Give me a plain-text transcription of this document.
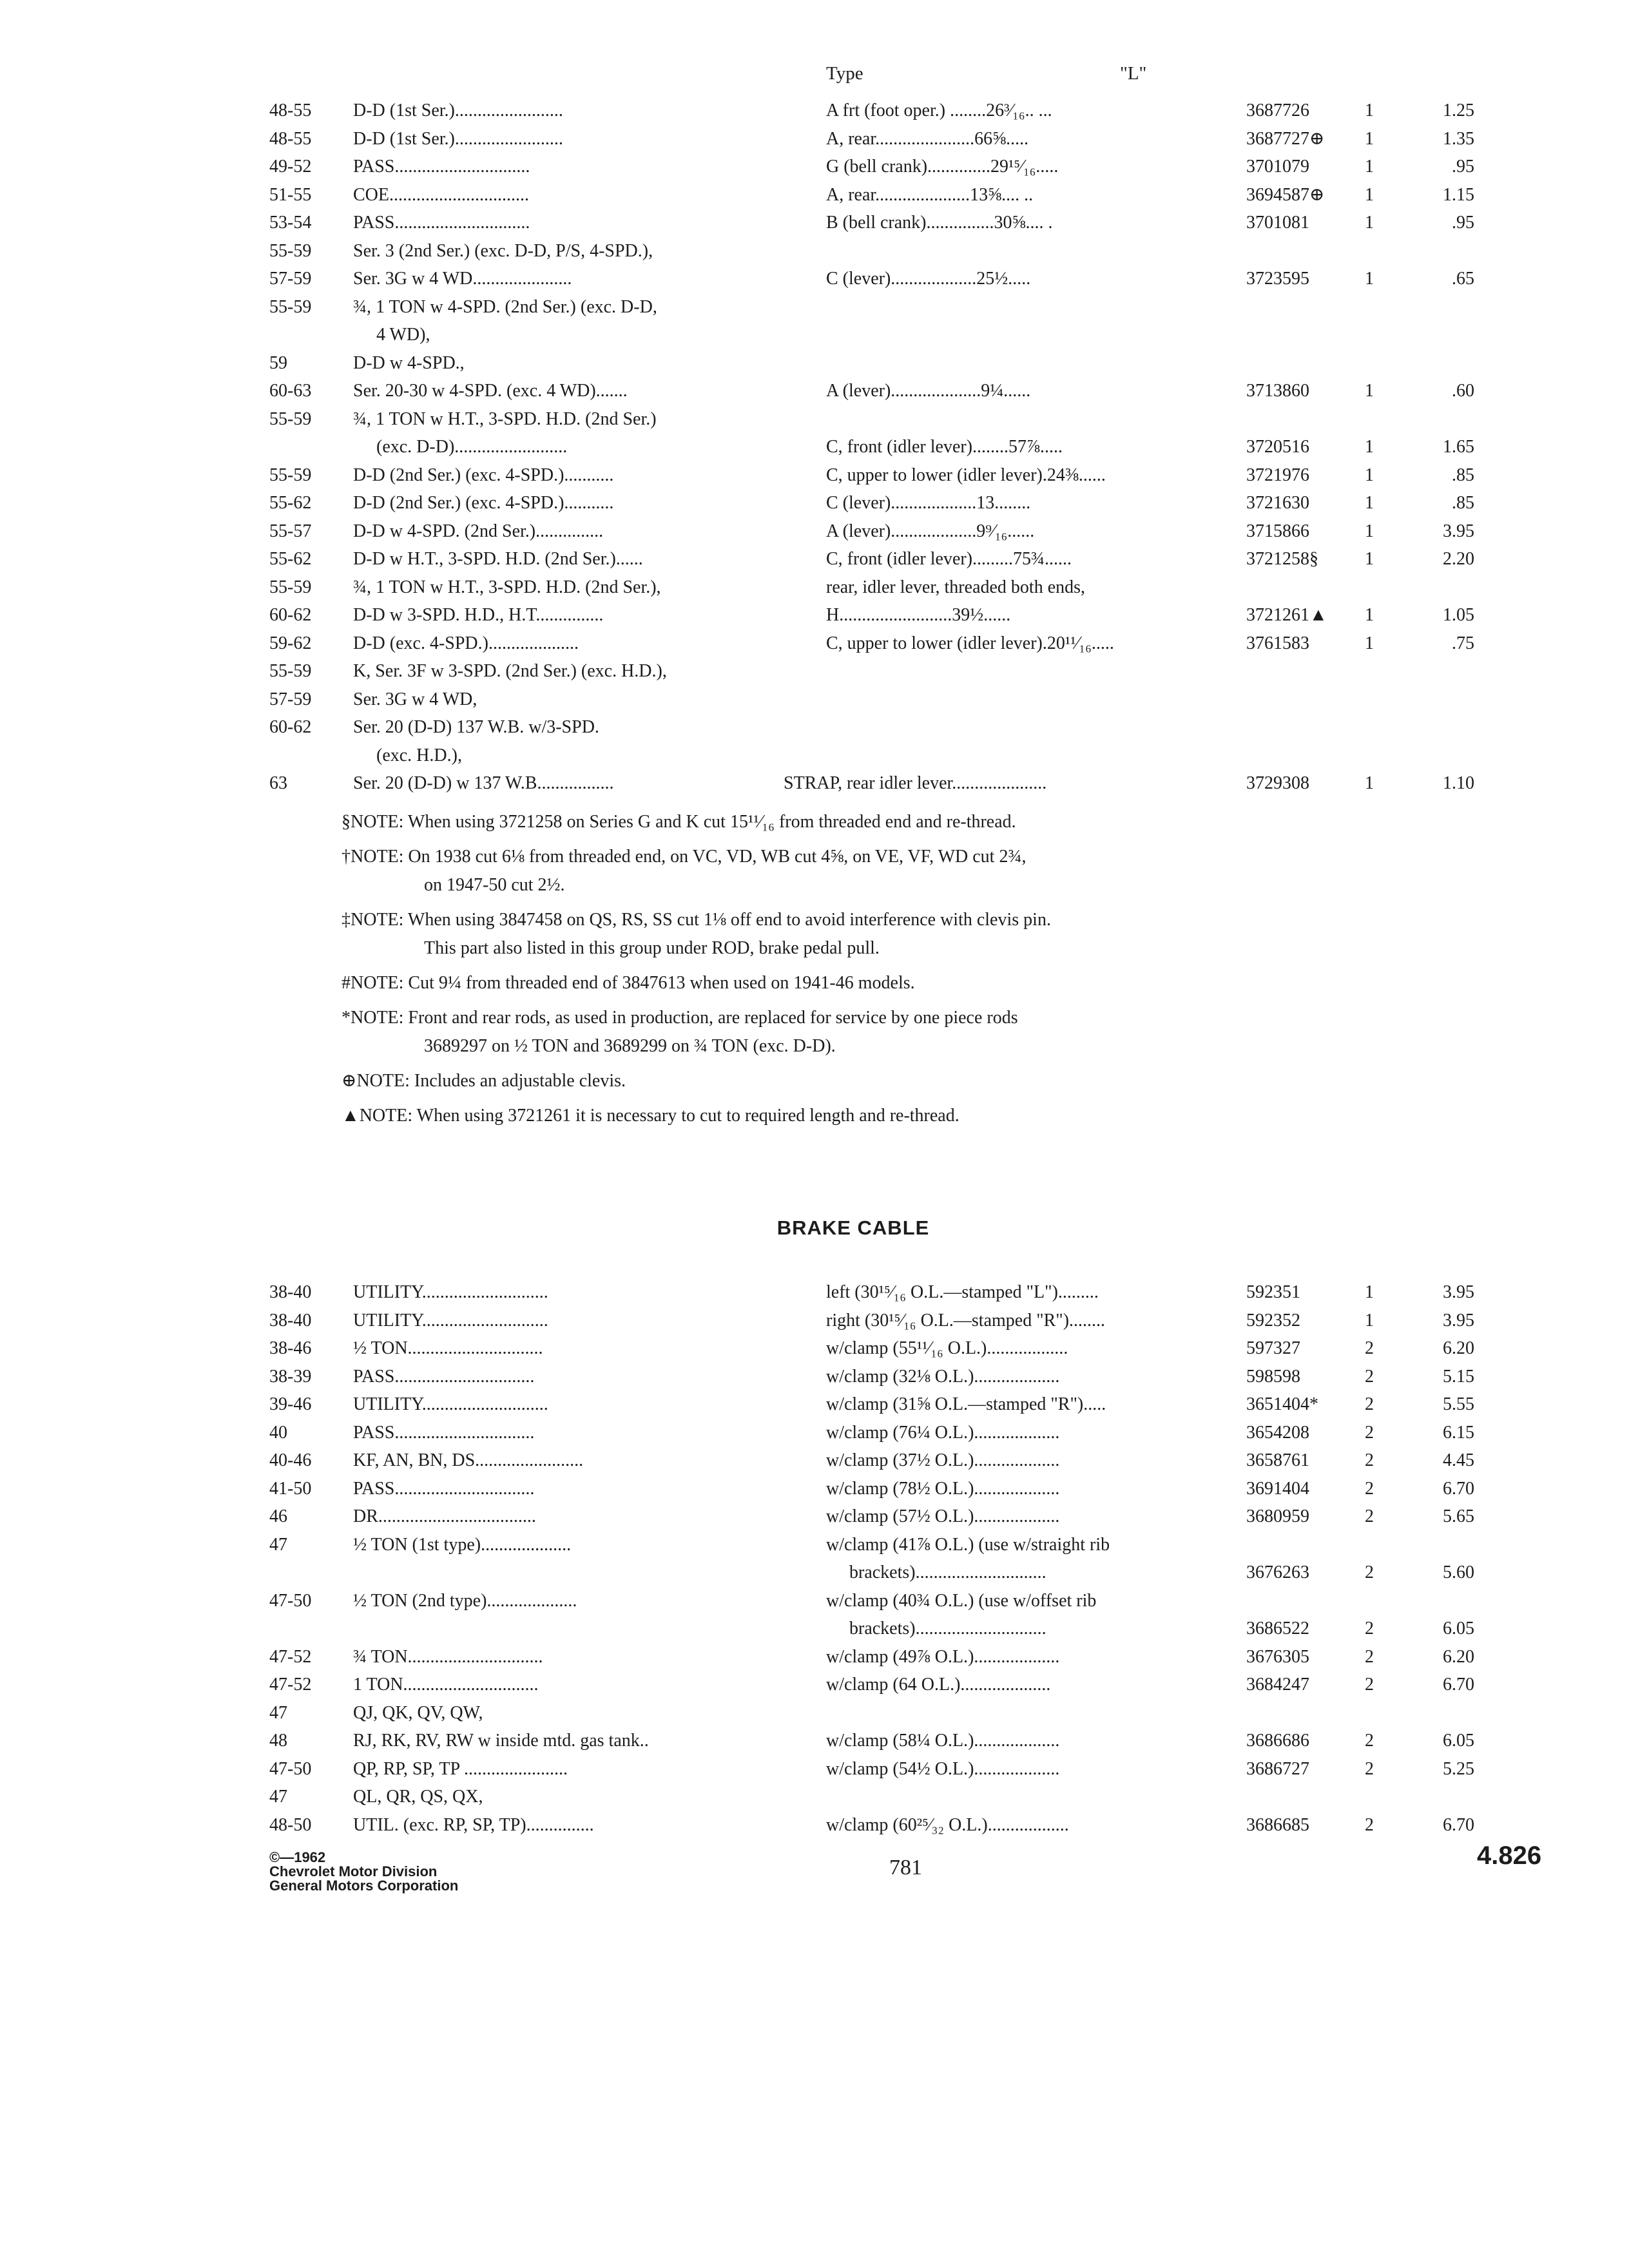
Type	"L"
48-55 D-D (1st Ser.)........................	A frt (foot oper.) ........26³⁄₁₆.. ...	3687726	1	1.25
48-55 D-D (1st Ser.)........................	A, rear......................66⅝.....	3687727⊕ 1	1.35
49-52 PASS..............................	G (bell crank)..............29¹⁵⁄₁₆.....	3701079	1	.95
51-55 COE...............................	A, rear.....................13⅝.... ..	3694587⊕ 1	1.15
53-54 PASS..............................	B (bell crank)...............30⅝.... .	3701081	1	.95
55-59 Ser. 3 (2nd Ser.) (exc. D-D, P/S, 4-SPD.),
57-59 Ser. 3G w 4 WD......................	C (lever)...................25½.....	3723595	1	.65
55-59 ¾, 1 TON w 4-SPD. (2nd Ser.) (exc. D-D,
4 WD),
59	D-D w 4-SPD.,
60-63 Ser. 20-30 w 4-SPD. (exc. 4 WD).......	A (lever)....................9¼......	3713860	1	.60
55-59 ¾, 1 TON w H.T., 3-SPD. H.D. (2nd Ser.)
(exc. D-D).........................	C, front (idler lever)........57⅞.....	3720516	1	1.65
55-59 D-D (2nd Ser.) (exc. 4-SPD.)...........	C, upper to lower (idler lever).24⅜......	3721976	1	.85
55-62 D-D (2nd Ser.) (exc. 4-SPD.)...........	C (lever)...................13........	3721630	1	.85
55-57 D-D w 4-SPD. (2nd Ser.)...............	A (lever)...................9⁹⁄₁₆......	3715866	1	3.95
55-62 D-D w H.T., 3-SPD. H.D. (2nd Ser.)......	C, front (idler lever).........75¾......	3721258§	1	2.20
55-59 ¾, 1 TON w H.T., 3-SPD. H.D. (2nd Ser.),	rear, idler lever, threaded both ends,
60-62 D-D w 3-SPD. H.D., H.T...............	H.........................39½......	3721261▲ 1	1.05
59-62 D-D (exc. 4-SPD.)....................	C, upper to lower (idler lever).20¹¹⁄₁₆.....	3761583	1	.75
55-59 K, Ser. 3F w 3-SPD. (2nd Ser.) (exc. H.D.),
57-59 Ser. 3G w 4 WD,
60-62 Ser. 20 (D-D) 137 W.B. w/3-SPD.
(exc. H.D.),
63	Ser. 20 (D-D) w 137 W.B.................	STRAP, rear idler lever.....................	3729308	1	1.10
§NOTE: When using 3721258 on Series G and K cut 15¹¹⁄₁₆ from threaded end and re-thread.
†NOTE: On 1938 cut 6⅛ from threaded end, on VC, VD, WB cut 4⅝, on VE, VF, WD cut 2¾,
on 1947-50 cut 2½.
‡NOTE: When using 3847458 on QS, RS, SS cut 1⅛ off end to avoid interference with clevis pin.
This part also listed in this group under ROD, brake pedal pull.
#NOTE: Cut 9¼ from threaded end of 3847613 when used on 1941-46 models.
*NOTE: Front and rear rods, as used in production, are replaced for service by one piece rods
3689297 on ½ TON and 3689299 on ¾ TON (exc. D-D).
⊕NOTE: Includes an adjustable clevis.
▲NOTE: When using 3721261 it is necessary to cut to required length and re-thread.
BRAKE CABLE
38-40 UTILITY............................	left (30¹⁵⁄₁₆ O.L.—stamped "L").........	592351	1	3.95
38-40 UTILITY............................	right (30¹⁵⁄₁₆ O.L.—stamped "R")........	592352	1	3.95
38-46 ½ TON..............................	w/clamp (55¹¹⁄₁₆ O.L.)..................	597327	2	6.20
38-39 PASS...............................	w/clamp (32⅛ O.L.)...................	598598	2	5.15
39-46 UTILITY............................	w/clamp (31⅝ O.L.—stamped "R").....	3651404*	2	5.55
40	PASS...............................	w/clamp (76¼ O.L.)...................	3654208	2	6.15
40-46 KF, AN, BN, DS........................	w/clamp (37½ O.L.)...................	3658761	2	4.45
41-50 PASS...............................	w/clamp (78½ O.L.)...................	3691404	2	6.70
46	DR...................................	w/clamp (57½ O.L.)...................	3680959	2	5.65
47	½ TON (1st type)....................	w/clamp (41⅞ O.L.) (use w/straight rib
brackets).............................	3676263	2	5.60
47-50 ½ TON (2nd type)....................	w/clamp (40¾ O.L.) (use w/offset rib
brackets).............................	3686522	2	6.05
47-52 ¾ TON..............................	w/clamp (49⅞ O.L.)...................	3676305	2	6.20
47-52 1 TON..............................	w/clamp (64 O.L.)....................	3684247	2	6.70
47	QJ, QK, QV, QW,
48	RJ, RK, RV, RW w inside mtd. gas tank..	w/clamp (58¼ O.L.)...................	3686686	2	6.05
47-50 QP, RP, SP, TP .......................	w/clamp (54½ O.L.)...................	3686727	2	5.25
47	QL, QR, QS, QX,
48-50 UTIL. (exc. RP, SP, TP)...............	w/clamp (60²⁵⁄₃₂ O.L.)..................	3686685	2	6.70
©—1962
Chevrolet Motor Division
General Motors Corporation
781	4.826
